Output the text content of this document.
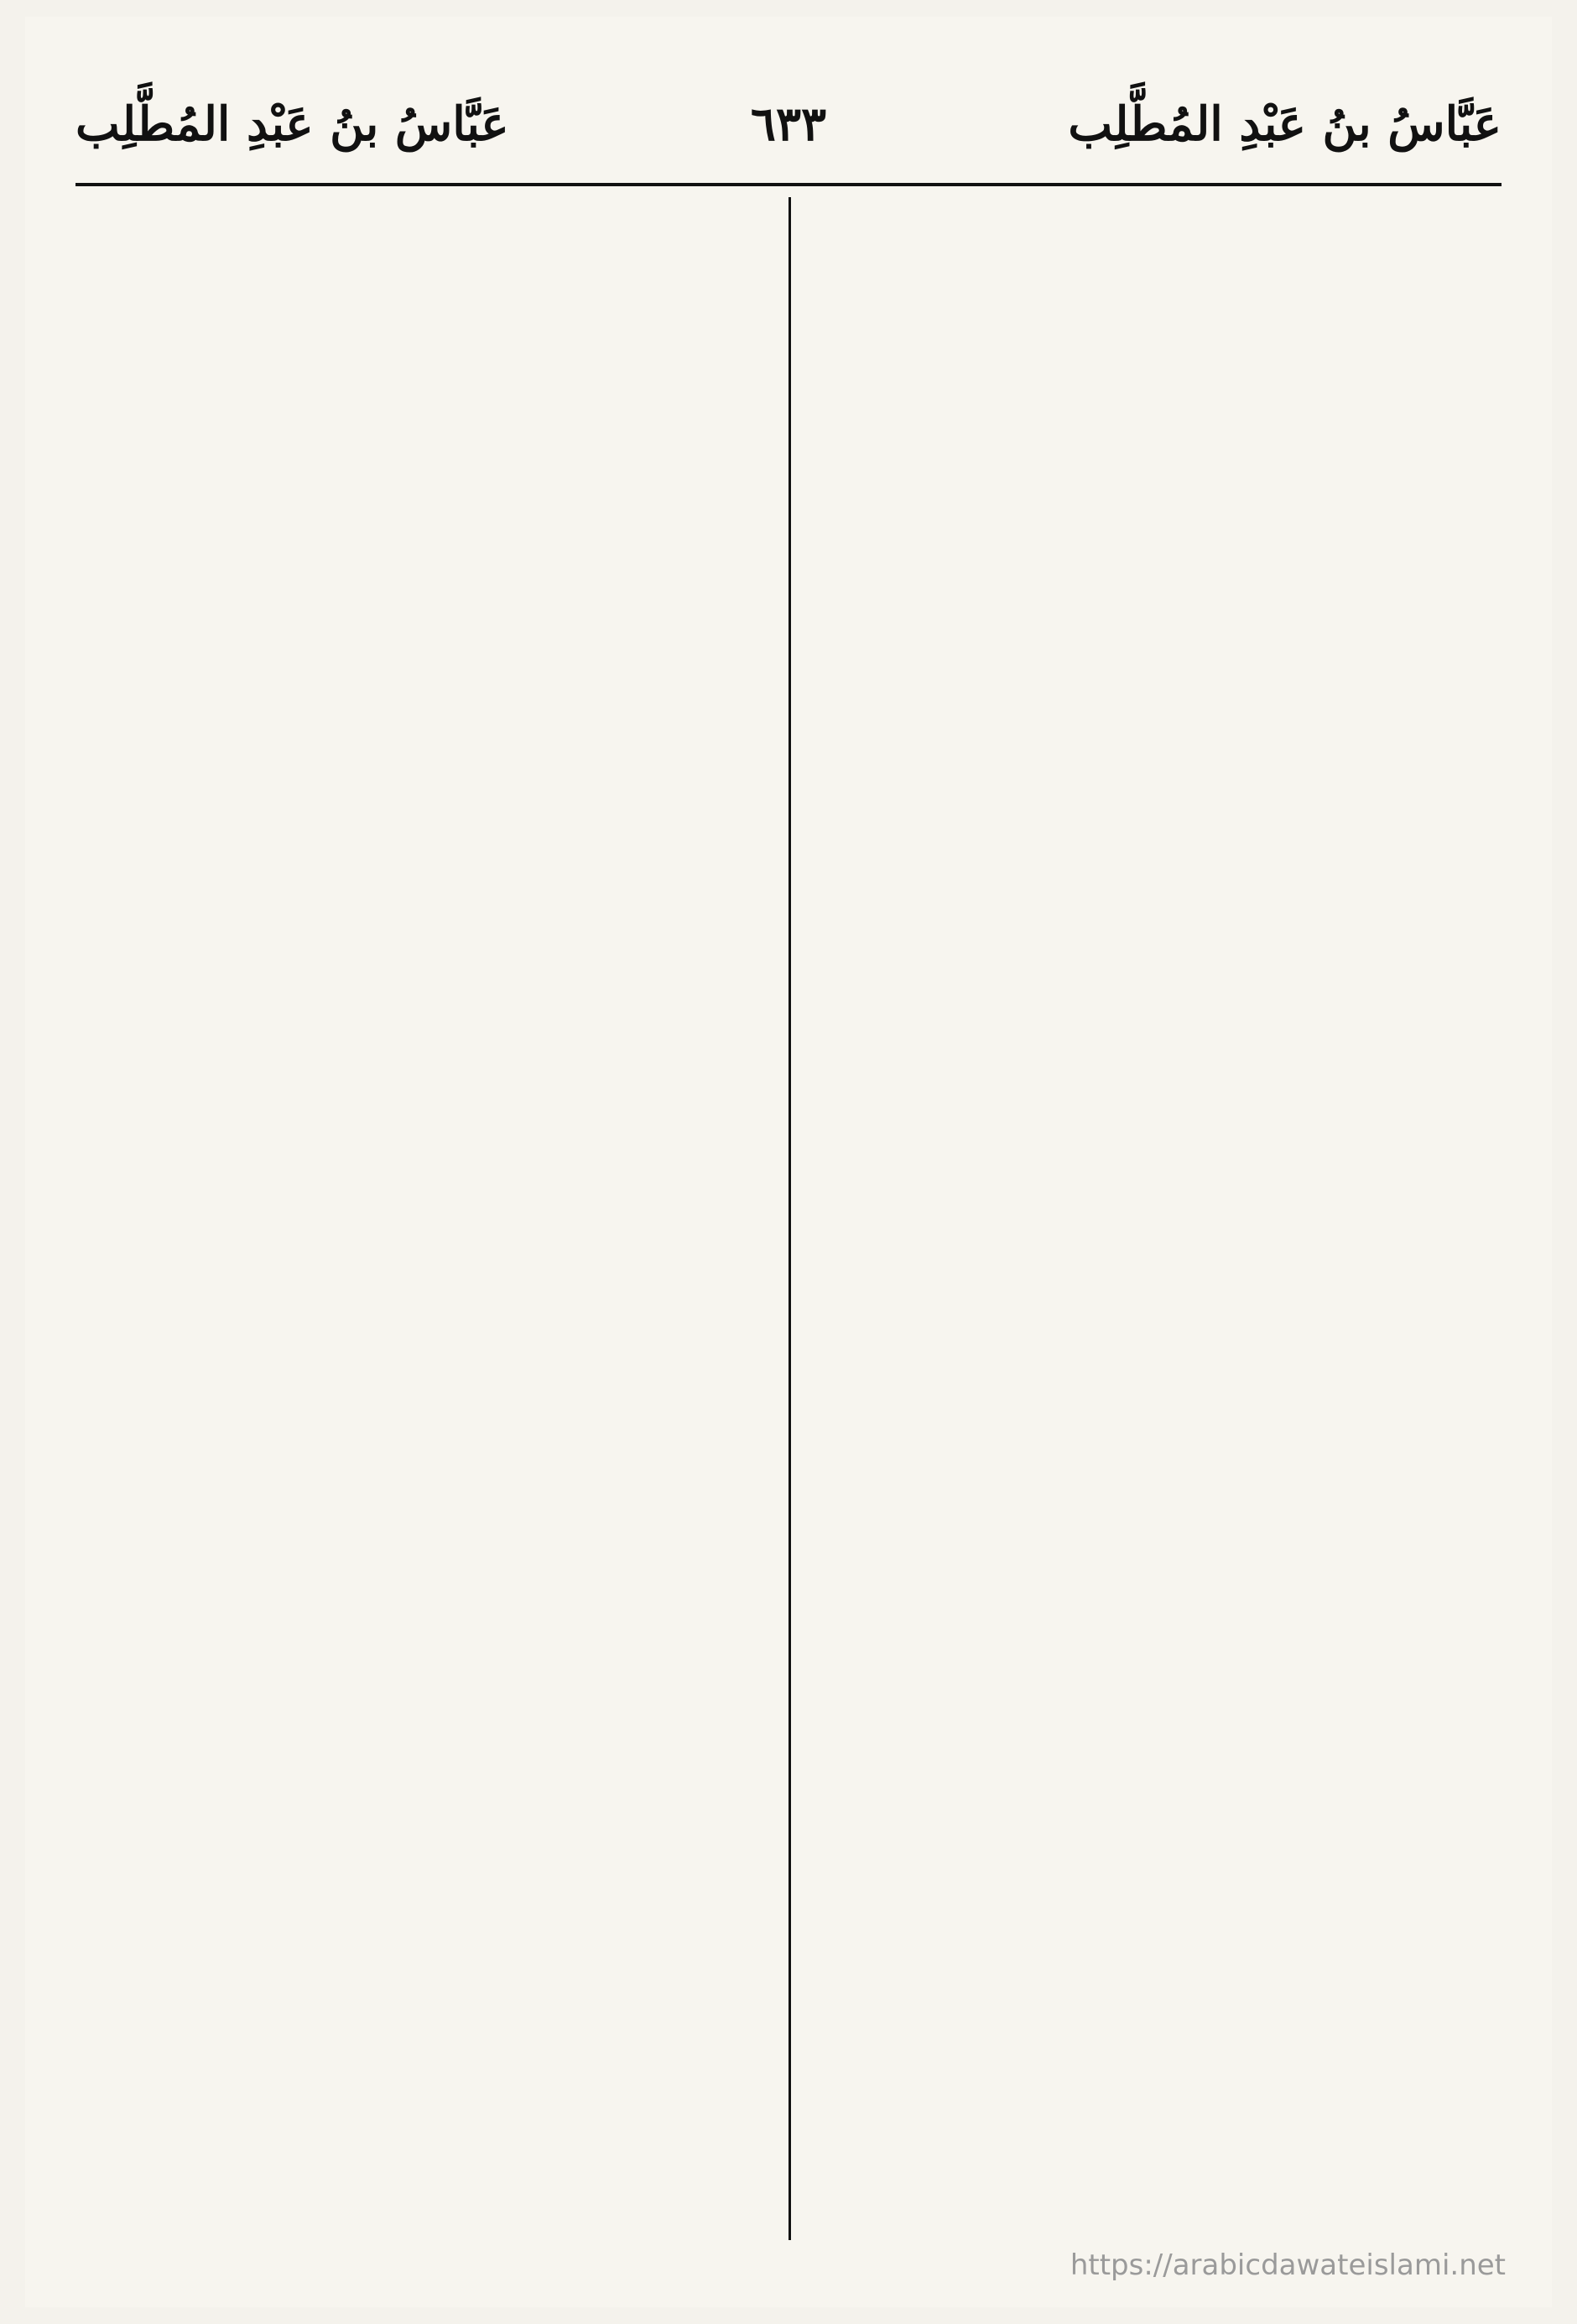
عَبَّاسُ بنُ عَبْدِ المُطَّلِب
٦٣٣
عَبَّاسُ بنُ عَبْدِ المُطَّلِب
https://arabicdawateislami.net
